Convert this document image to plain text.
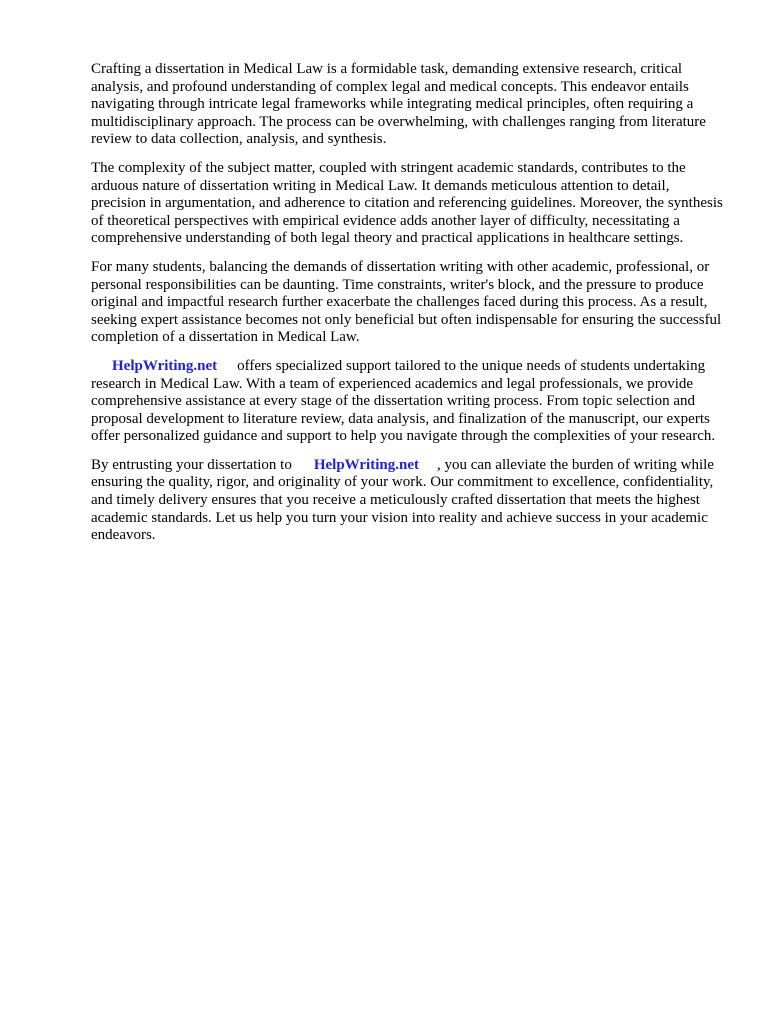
Crafting a dissertation in Medical Law is a formidable task, demanding extensive research, critical analysis, and profound understanding of complex legal and medical concepts. This endeavor entails navigating through intricate legal frameworks while integrating medical principles, often requiring a multidisciplinary approach. The process can be overwhelming, with challenges ranging from literature review to data collection, analysis, and synthesis.

The complexity of the subject matter, coupled with stringent academic standards, contributes to the arduous nature of dissertation writing in Medical Law. It demands meticulous attention to detail, precision in argumentation, and adherence to citation and referencing guidelines. Moreover, the synthesis of theoretical perspectives with empirical evidence adds another layer of difficulty, necessitating a comprehensive understanding of both legal theory and practical applications in healthcare settings.

For many students, balancing the demands of dissertation writing with other academic, professional, or personal responsibilities can be daunting. Time constraints, writer's block, and the pressure to produce original and impactful research further exacerbate the challenges faced during this process. As a result, seeking expert assistance becomes not only beneficial but often indispensable for ensuring the successful completion of a dissertation in Medical Law.

HelpWriting.net offers specialized support tailored to the unique needs of students undertaking research in Medical Law. With a team of experienced academics and legal professionals, we provide comprehensive assistance at every stage of the dissertation writing process. From topic selection and proposal development to literature review, data analysis, and finalization of the manuscript, our experts offer personalized guidance and support to help you navigate through the complexities of your research.

By entrusting your dissertation to HelpWriting.net , you can alleviate the burden of writing while ensuring the quality, rigor, and originality of your work. Our commitment to excellence, confidentiality, and timely delivery ensures that you receive a meticulously crafted dissertation that meets the highest academic standards. Let us help you turn your vision into reality and achieve success in your academic endeavors.
